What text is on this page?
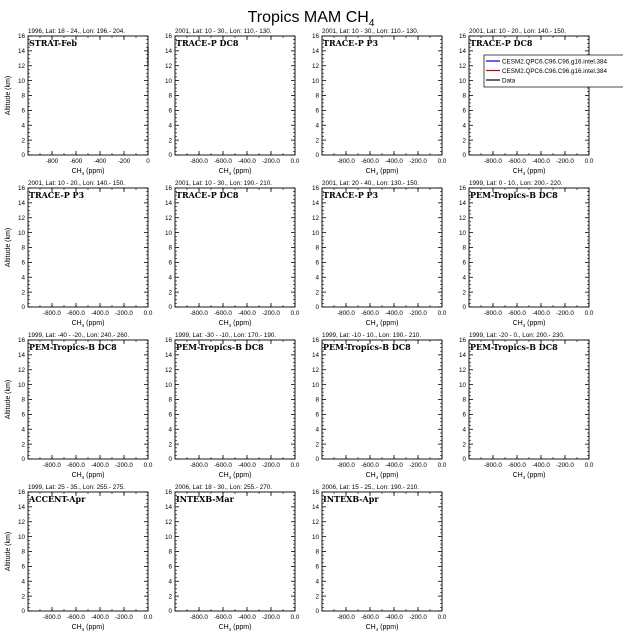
Tropics MAM $CH_4$
1996, Lat: 18 - 24., Lon: 196.- 204.
STRAT-Feb
0
2
4
6
8
10
12
14
16
-800 -600 -400 -200	0
$CH_4$ (ppm)
Altitude (km)
2001, Lat: 10 - 30., Lon: 110.- 130.
TRACE-P DC8
0
2
4
6
8
10
12
14
16
-800.0 -600.0 -400.0 -200.0 0.0
$CH_4$ (ppm)
2001, Lat: 10 - 30., Lon: 110.- 130.
TRACE-P P3
0
2
4
6
8
10
12
14
16
-800.0 -600.0 -400.0 -200.0 0.0
$CH_4$ (ppm)
2001, Lat: 10 - 20., Lon: 140.- 150.
TRACE-P DC8
0
2
4
6
8
10
12
14
16
-800.0 -600.0 -400.0 -200.0 0.0
$CH_4$ (ppm)
CESM2.QPC6.C96.C96.g16.intel.384
CESM2.QPC6.C96.C96.g16.intel.384
Data
2001, Lat: 10 - 20., Lon: 140.- 150.
TRACE-P P3
0
2
4
6
8
10
12
14
16
-800.0 -600.0 -400.0 -200.0 0.0
$CH_4$ (ppm)
Altitude (km)
2001, Lat: 10 - 30., Lon: 190.- 210.
TRACE-P DC8
0
2
4
6
8
10
12
14
16
-800.0 -600.0 -400.0 -200.0 0.0
$CH_4$ (ppm)
2001, Lat: 20 - 40., Lon: 130.- 150.
TRACE-P P3
0
2
4
6
8
10
12
14
16
-800.0 -600.0 -400.0 -200.0 0.0
$CH_4$ (ppm)
1999, Lat: 0 - 10., Lon: 200.- 220.
PEM-Tropics-B DC8
0
2
4
6
8
10
12
14
16
-800.0 -600.0 -400.0 -200.0 0.0
$CH_4$ (ppm)
1999, Lat: -40 - -20., Lon: 240.- 260.
PEM-Tropics-B DC8
0
2
4
6
8
10
12
14
16
-800.0 -600.0 -400.0 -200.0 0.0
$CH_4$ (ppm)
Altitude (km)
1999, Lat: -30 - -10., Lon: 170.- 190.
PEM-Tropics-B DC8
0
2
4
6
8
10
12
14
16
-800.0 -600.0 -400.0 -200.0 0.0
$CH_4$ (ppm)
1999, Lat: -10 - 10., Lon: 190.- 210.
PEM-Tropics-B DC8
0
2
4
6
8
10
12
14
16
-800.0 -600.0 -400.0 -200.0 0.0
$CH_4$ (ppm)
1999, Lat: -20 - 0., Lon: 200.- 230.
PEM-Tropics-B DC8
0
2
4
6
8
10
12
14
16
-800.0 -600.0 -400.0 -200.0 0.0
$CH_4$ (ppm)
1999, Lat: 25 - 35., Lon: 255.- 275.
ACCENT-Apr
0
2
4
6
8
10
12
14
16
-800.0 -600.0 -400.0 -200.0 0.0
$CH_4$ (ppm)
Altitude (km)
2006, Lat: 18 - 30., Lon: 255.- 270.
INTEXB-Mar
0
2
4
6
8
10
12
14
16
-800.0 -600.0 -400.0 -200.0 0.0
$CH_4$ (ppm)
2006, Lat: 15 - 25., Lon: 190.- 210.
INTEXB-Apr
0
2
4
6
8
10
12
14
16
-800.0 -600.0 -400.0 -200.0 0.0
$CH_4$ (ppm)
